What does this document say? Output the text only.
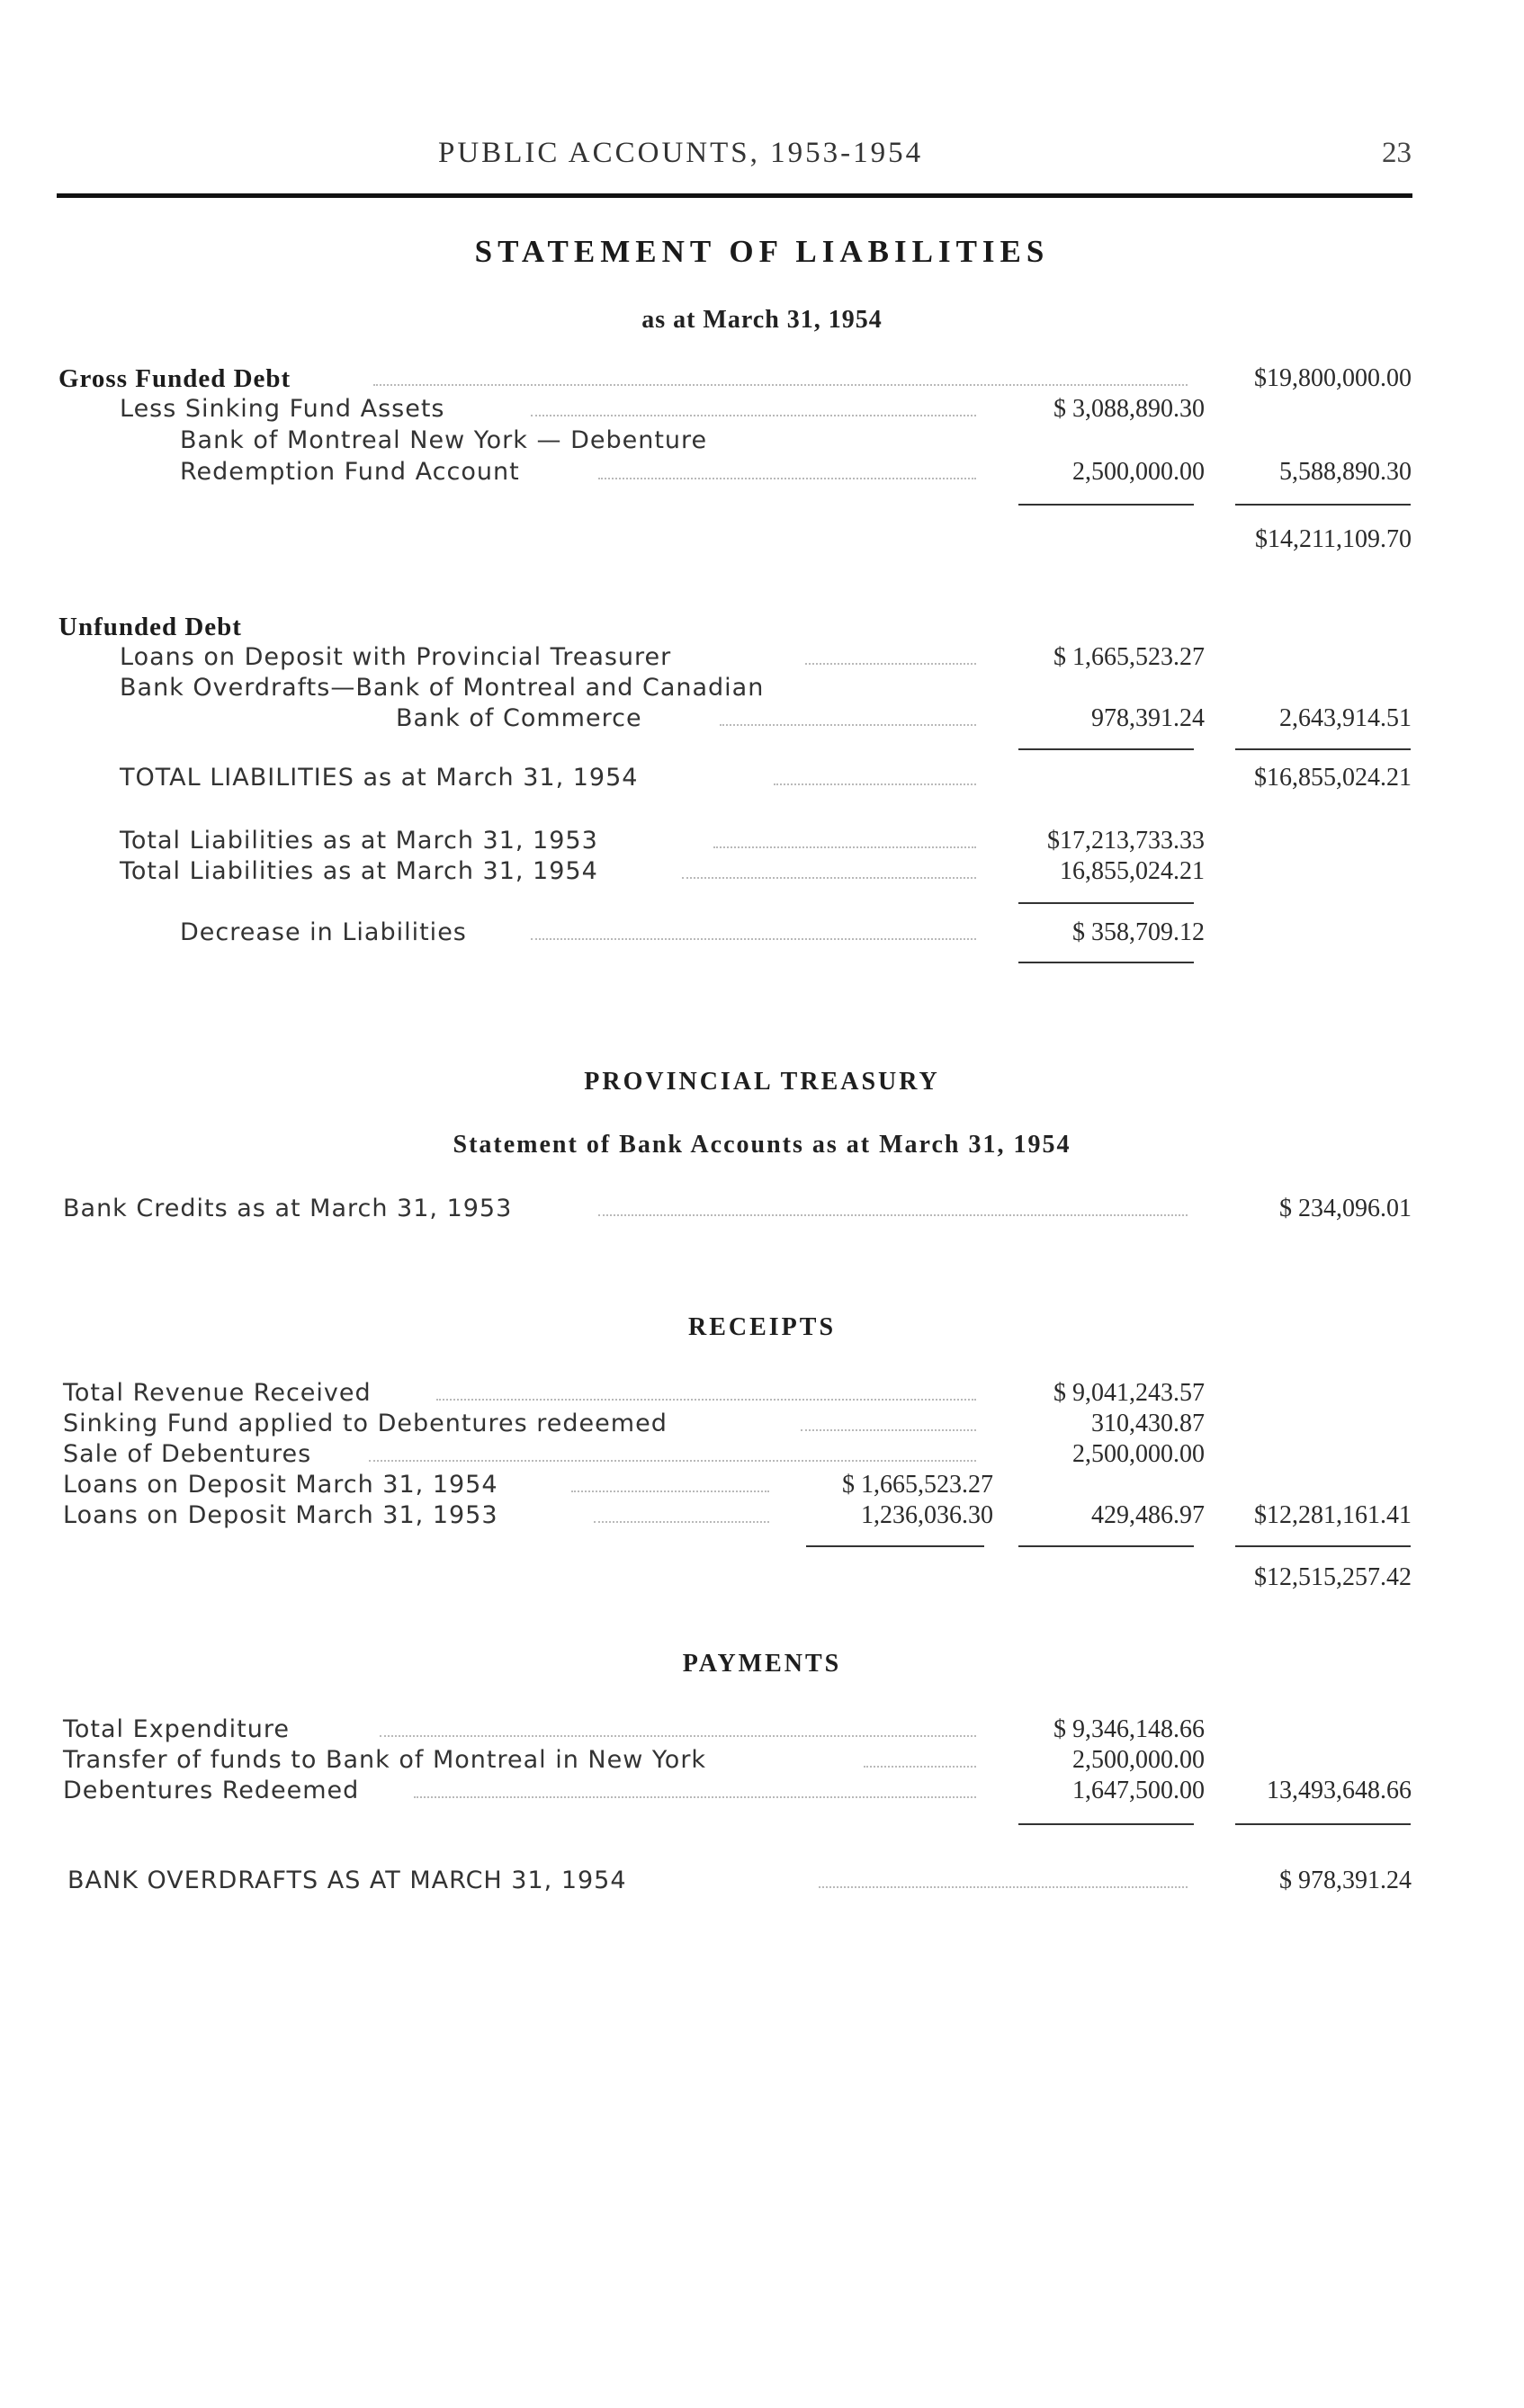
PUBLIC ACCOUNTS, 1953-1954	23
STATEMENT OF LIABILITIES
as at March 31, 1954
Gross Funded Debt	$19,800,000.00
Less Sinking Fund Assets	$ 3,088,890.30
Bank of Montreal New York — Debenture
Redemption Fund Account	2,500,000.00	5,588,890.30
$14,211,109.70
Unfunded Debt
Loans on Deposit with Provincial Treasurer	$ 1,665,523.27
Bank Overdrafts—Bank of Montreal and Canadian
Bank of Commerce	978,391.24	2,643,914.51
TOTAL LIABILITIES as at March 31, 1954	$16,855,024.21
Total Liabilities as at March 31, 1953	$17,213,733.33
Total Liabilities as at March 31, 1954	16,855,024.21
Decrease in Liabilities	$ 358,709.12
PROVINCIAL TREASURY
Statement of Bank Accounts as at March 31, 1954
Bank Credits as at March 31, 1953	$ 234,096.01
RECEIPTS
Total Revenue Received	$ 9,041,243.57
Sinking Fund applied to Debentures redeemed	310,430.87
Sale of Debentures	2,500,000.00
Loans on Deposit March 31, 1954	$ 1,665,523.27
Loans on Deposit March 31, 1953	1,236,036.30	429,486.97 $12,281,161.41
$12,515,257.42
PAYMENTS
Total Expenditure	$ 9,346,148.66
Transfer of funds to Bank of Montreal in New York	2,500,000.00
Debentures Redeemed	1,647,500.00 13,493,648.66
BANK OVERDRAFTS AS AT MARCH 31, 1954	$ 978,391.24
